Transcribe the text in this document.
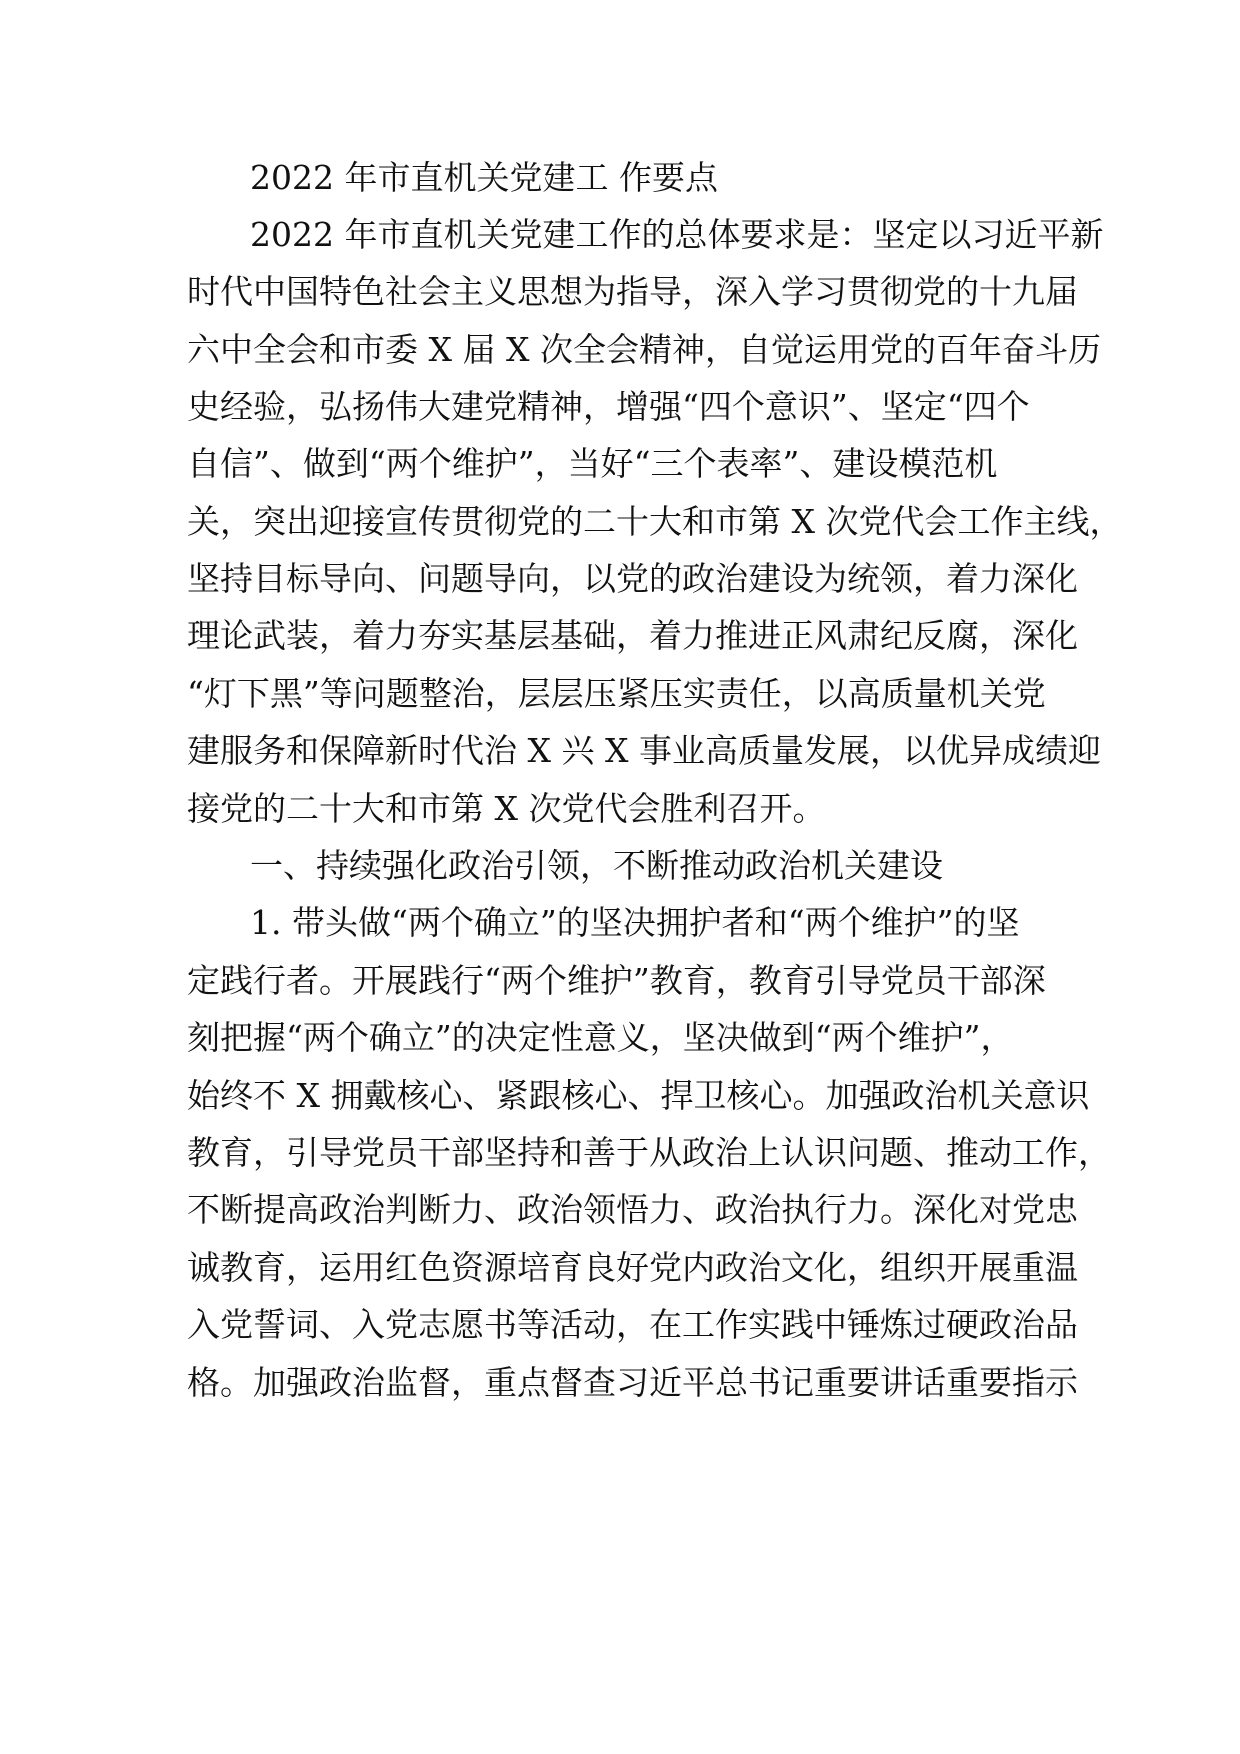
2022 年市直机关党建工 作要点
2022 年市直机关党建工作的总体要求是：坚定以习近平新
时代中国特色社会主义思想为指导，深入学习贯彻党的十九届
六中全会和市委 X 届 X 次全会精神，自觉运用党的百年奋斗历
史经验，弘扬伟大建党精神，增强“四个意识”、坚定“四个
自信”、做到“两个维护”，当好“三个表率”、建设模范机
关，突出迎接宣传贯彻党的二十大和市第 X 次党代会工作主线，
坚持目标导向、问题导向，以党的政治建设为统领，着力深化
理论武装，着力夯实基层基础，着力推进正风肃纪反腐，深化
“灯下黑”等问题整治，层层压紧压实责任，以高质量机关党
建服务和保障新时代治 X 兴 X 事业高质量发展，以优异成绩迎
接党的二十大和市第 X 次党代会胜利召开。
一、持续强化政治引领，不断推动政治机关建设
1. 带头做“两个确立”的坚决拥护者和“两个维护”的坚
定践行者。开展践行“两个维护”教育，教育引导党员干部深
刻把握“两个确立”的决定性意义，坚决做到“两个维护”，
始终不 X 拥戴核心、紧跟核心、捍卫核心。加强政治机关意识
教育，引导党员干部坚持和善于从政治上认识问题、推动工作，
不断提高政治判断力、政治领悟力、政治执行力。深化对党忠
诚教育，运用红色资源培育良好党内政治文化，组织开展重温
入党誓词、入党志愿书等活动，在工作实践中锤炼过硬政治品
格。加强政治监督，重点督查习近平总书记重要讲话重要指示
